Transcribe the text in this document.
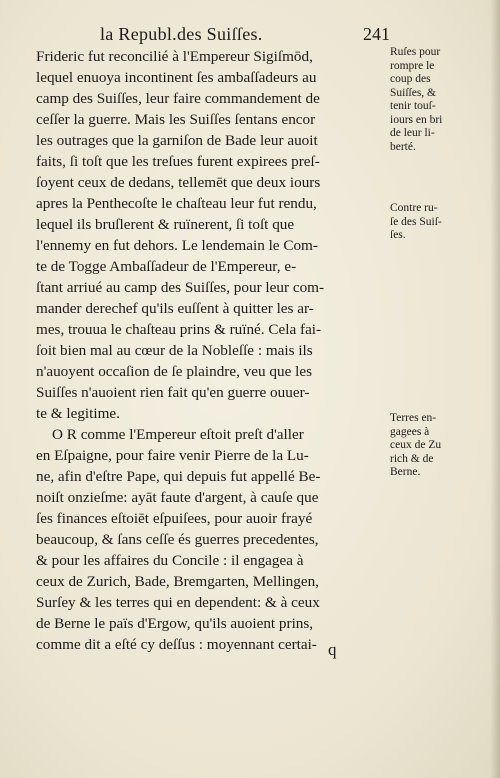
la Republ.des Suiſſes.	241
Frideric fut reconcilié à l'Empereur Sigiſmōd,
lequel enuoya incontinent ſes ambaſſadeurs au
camp des Suiſſes, leur faire commandement de
ceſſer la guerre. Mais les Suiſſes ſentans encor
les outrages que la garniſon de Bade leur auoit
faits, ſi toſt que les treſues furent expirees preſ-
ſoyent ceux de dedans, tellemēt que deux iours
apres la Penthecoſte le chaſteau leur fut rendu,
lequel ils bruſlerent & ruïnerent, ſi toſt que
l'ennemy en fut dehors. Le lendemain le Com-
te de Togge Ambaſſadeur de l'Empereur, e-
ſtant arriué au camp des Suiſſes, pour leur com-
mander derechef qu'ils euſſent à quitter les ar-
mes, trouua le chaſteau prins & ruïné. Cela fai-
ſoit bien mal au cœur de la Nobleſſe : mais ils
n'auoyent occaſion de ſe plaindre, veu que les
Suiſſes n'auoient rien fait qu'en guerre ouuer-
te & legitime.
O R comme l'Empereur eſtoit preſt d'aller
en Eſpaigne, pour faire venir Pierre de la Lu-
ne, afin d'eſtre Pape, qui depuis fut appellé Be-
noiſt onzieſme: ayāt faute d'argent, à cauſe que
ſes finances eſtoiēt eſpuiſees, pour auoir frayé
beaucoup, & ſans ceſſe és guerres precedentes,
& pour les affaires du Concile : il engagea à
ceux de Zurich, Bade, Bremgarten, Mellingen,
Surſey & les terres qui en dependent: & à ceux
de Berne le païs d'Ergow, qu'ils auoient prins,
comme dit a eſté cy deſſus : moyennant certai-
Ruſes pour
rompre le
coup des
Suiſſes, &
tenir touſ-
iours en bri
de leur li-
berté.
Contre ru-
ſe des Suiſ-
ſes.
Terres en-
gagees à
ceux de Zu
rich & de
Berne.
q
